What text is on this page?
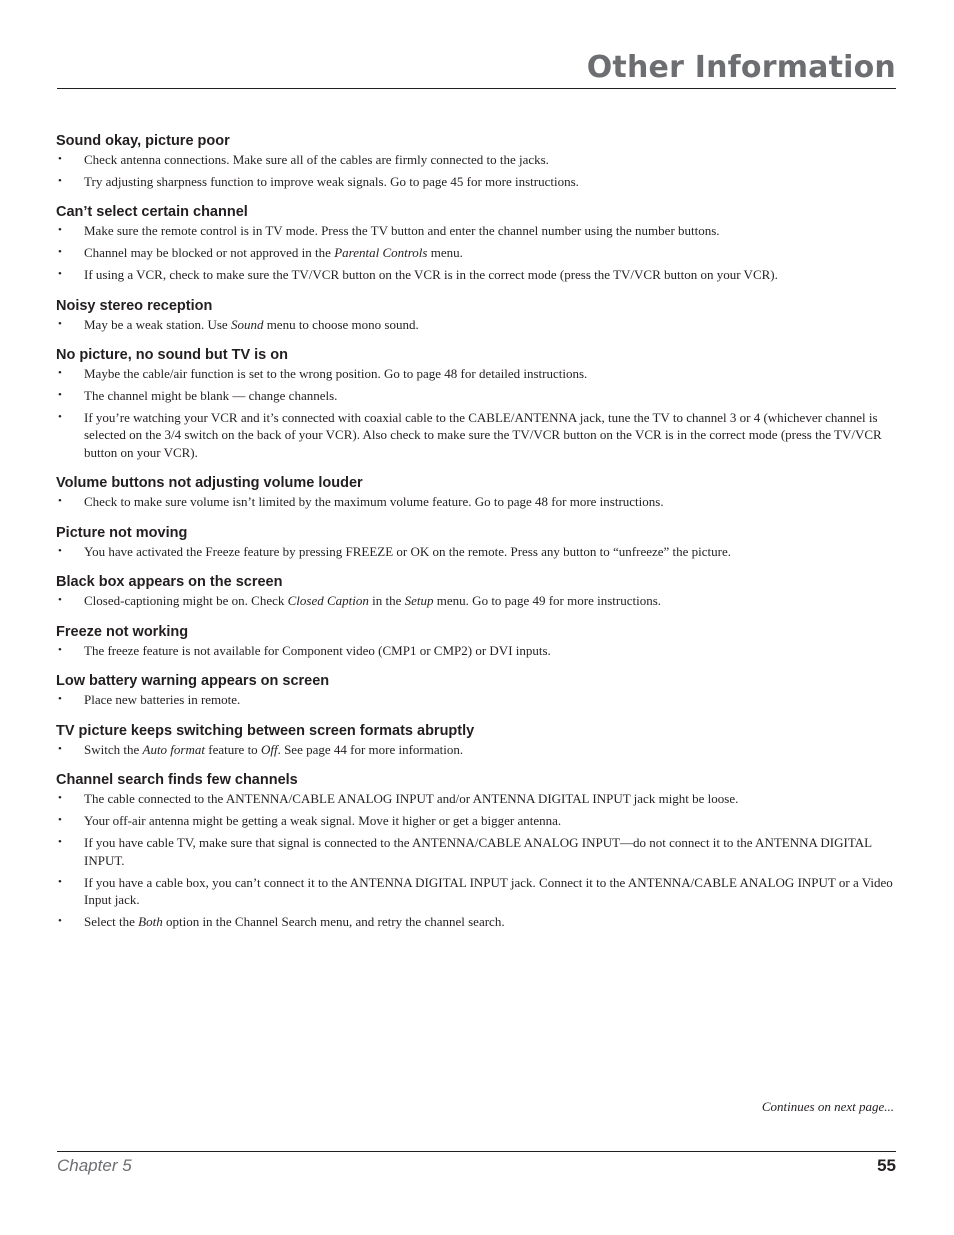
Other Information
Sound okay, picture poor
• Check antenna connections. Make sure all of the cables are firmly connected to the jacks.
• Try adjusting sharpness function to improve weak signals. Go to page 45 for more instructions.
Can’t select certain channel
• Make sure the remote control is in TV mode. Press the TV button and enter the channel number using the number buttons.
• Channel may be blocked or not approved in the Parental Controls menu.
• If using a VCR, check to make sure the TV/VCR button on the VCR is in the correct mode (press the TV/VCR button on your VCR).
Noisy stereo reception
• May be a weak station. Use Sound menu to choose mono sound.
No picture, no sound but TV is on
• Maybe the cable/air function is set to the wrong position. Go to page 48 for detailed instructions.
• The channel might be blank — change channels.
• If you’re watching your VCR and it’s connected with coaxial cable to the CABLE/ANTENNA jack, tune the TV to channel 3 or 4 (whichever channel is selected on the 3/4 switch on the back of your VCR). Also check to make sure the TV/VCR button on the VCR is in the correct mode (press the TV/VCR button on your VCR).
Volume buttons not adjusting volume louder
• Check to make sure volume isn’t limited by the maximum volume feature. Go to page 48 for more instructions.
Picture not moving
• You have activated the Freeze feature by pressing FREEZE or OK on the remote. Press any button to “unfreeze” the picture.
Black box appears on the screen
• Closed-captioning might be on. Check Closed Caption in the Setup menu. Go to page 49 for more instructions.
Freeze not working
• The freeze feature is not available for Component video (CMP1 or CMP2) or DVI inputs.
Low battery warning appears on screen
• Place new batteries in remote.
TV picture keeps switching between screen formats abruptly
• Switch the Auto format feature to Off. See page 44 for more information.
Channel search finds few channels
• The cable connected to the ANTENNA/CABLE ANALOG INPUT and/or ANTENNA DIGITAL INPUT jack might be loose.
• Your off-air antenna might be getting a weak signal. Move it higher or get a bigger antenna.
• If you have cable TV, make sure that signal is connected to the ANTENNA/CABLE ANALOG INPUT—do not connect it to the ANTENNA DIGITAL INPUT.
• If you have a cable box, you can’t connect it to the ANTENNA DIGITAL INPUT jack. Connect it to the ANTENNA/CABLE ANALOG INPUT or a Video Input jack.
• Select the Both option in the Channel Search menu, and retry the channel search.
Continues on next page...
Chapter 5	55
